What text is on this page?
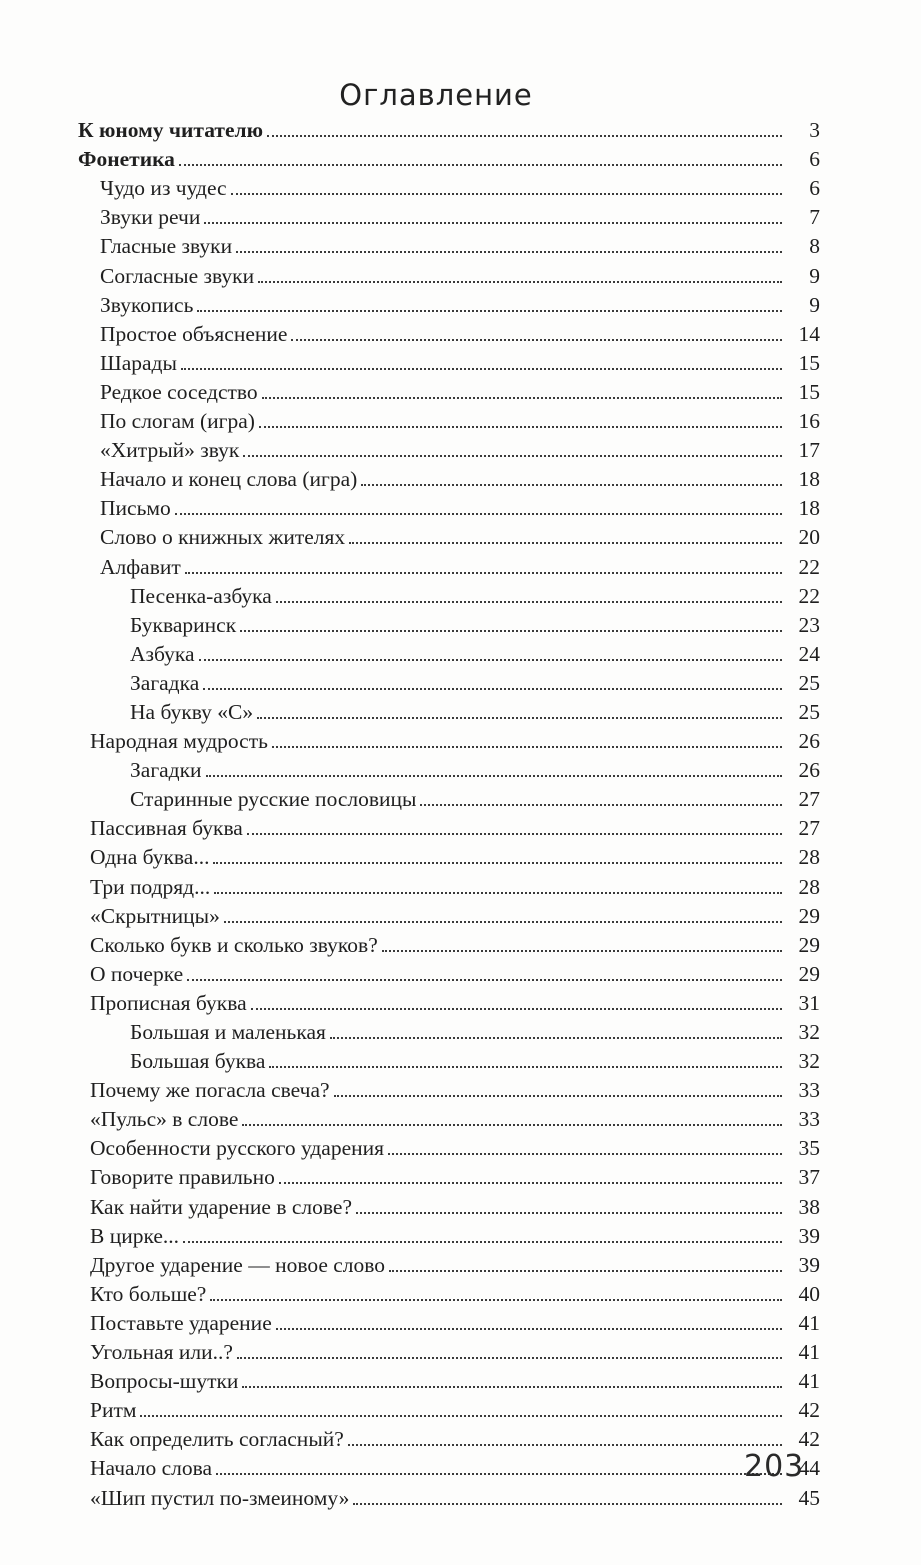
Оглавление
К юному читателю	3
Фонетика	6
Чудо из чудес	6
Звуки речи	7
Гласные звуки	8
Согласные звуки	9
Звукопись	9
Простое объяснение	14
Шарады	15
Редкое соседство	15
По слогам (игра)	16
«Хитрый» звук	17
Начало и конец слова (игра)	18
Письмо	18
Слово о книжных жителях	20
Алфавит	22
Песенка-азбука	22
Букваринск	23
Азбука	24
Загадка	25
На букву «С»	25
Народная мудрость	26
Загадки	26
Старинные русские пословицы	27
Пассивная буква	27
Одна буква...	28
Три подряд...	28
«Скрытницы»	29
Сколько букв и сколько звуков?	29
О почерке	29
Прописная буква	31
Большая и маленькая	32
Большая буква	32
Почему же погасла свеча?	33
«Пульс» в слове	33
Особенности русского ударения	35
Говорите правильно	37
Как найти ударение в слове?	38
В цирке...	39
Другое ударение — новое слово	39
Кто больше?	40
Поставьте ударение	41
Угольная или..?	41
Вопросы-шутки	41
Ритм	42
Как определить согласный?	42
Начало слова	44
«Шип пустил по-змеиному»	45
203
